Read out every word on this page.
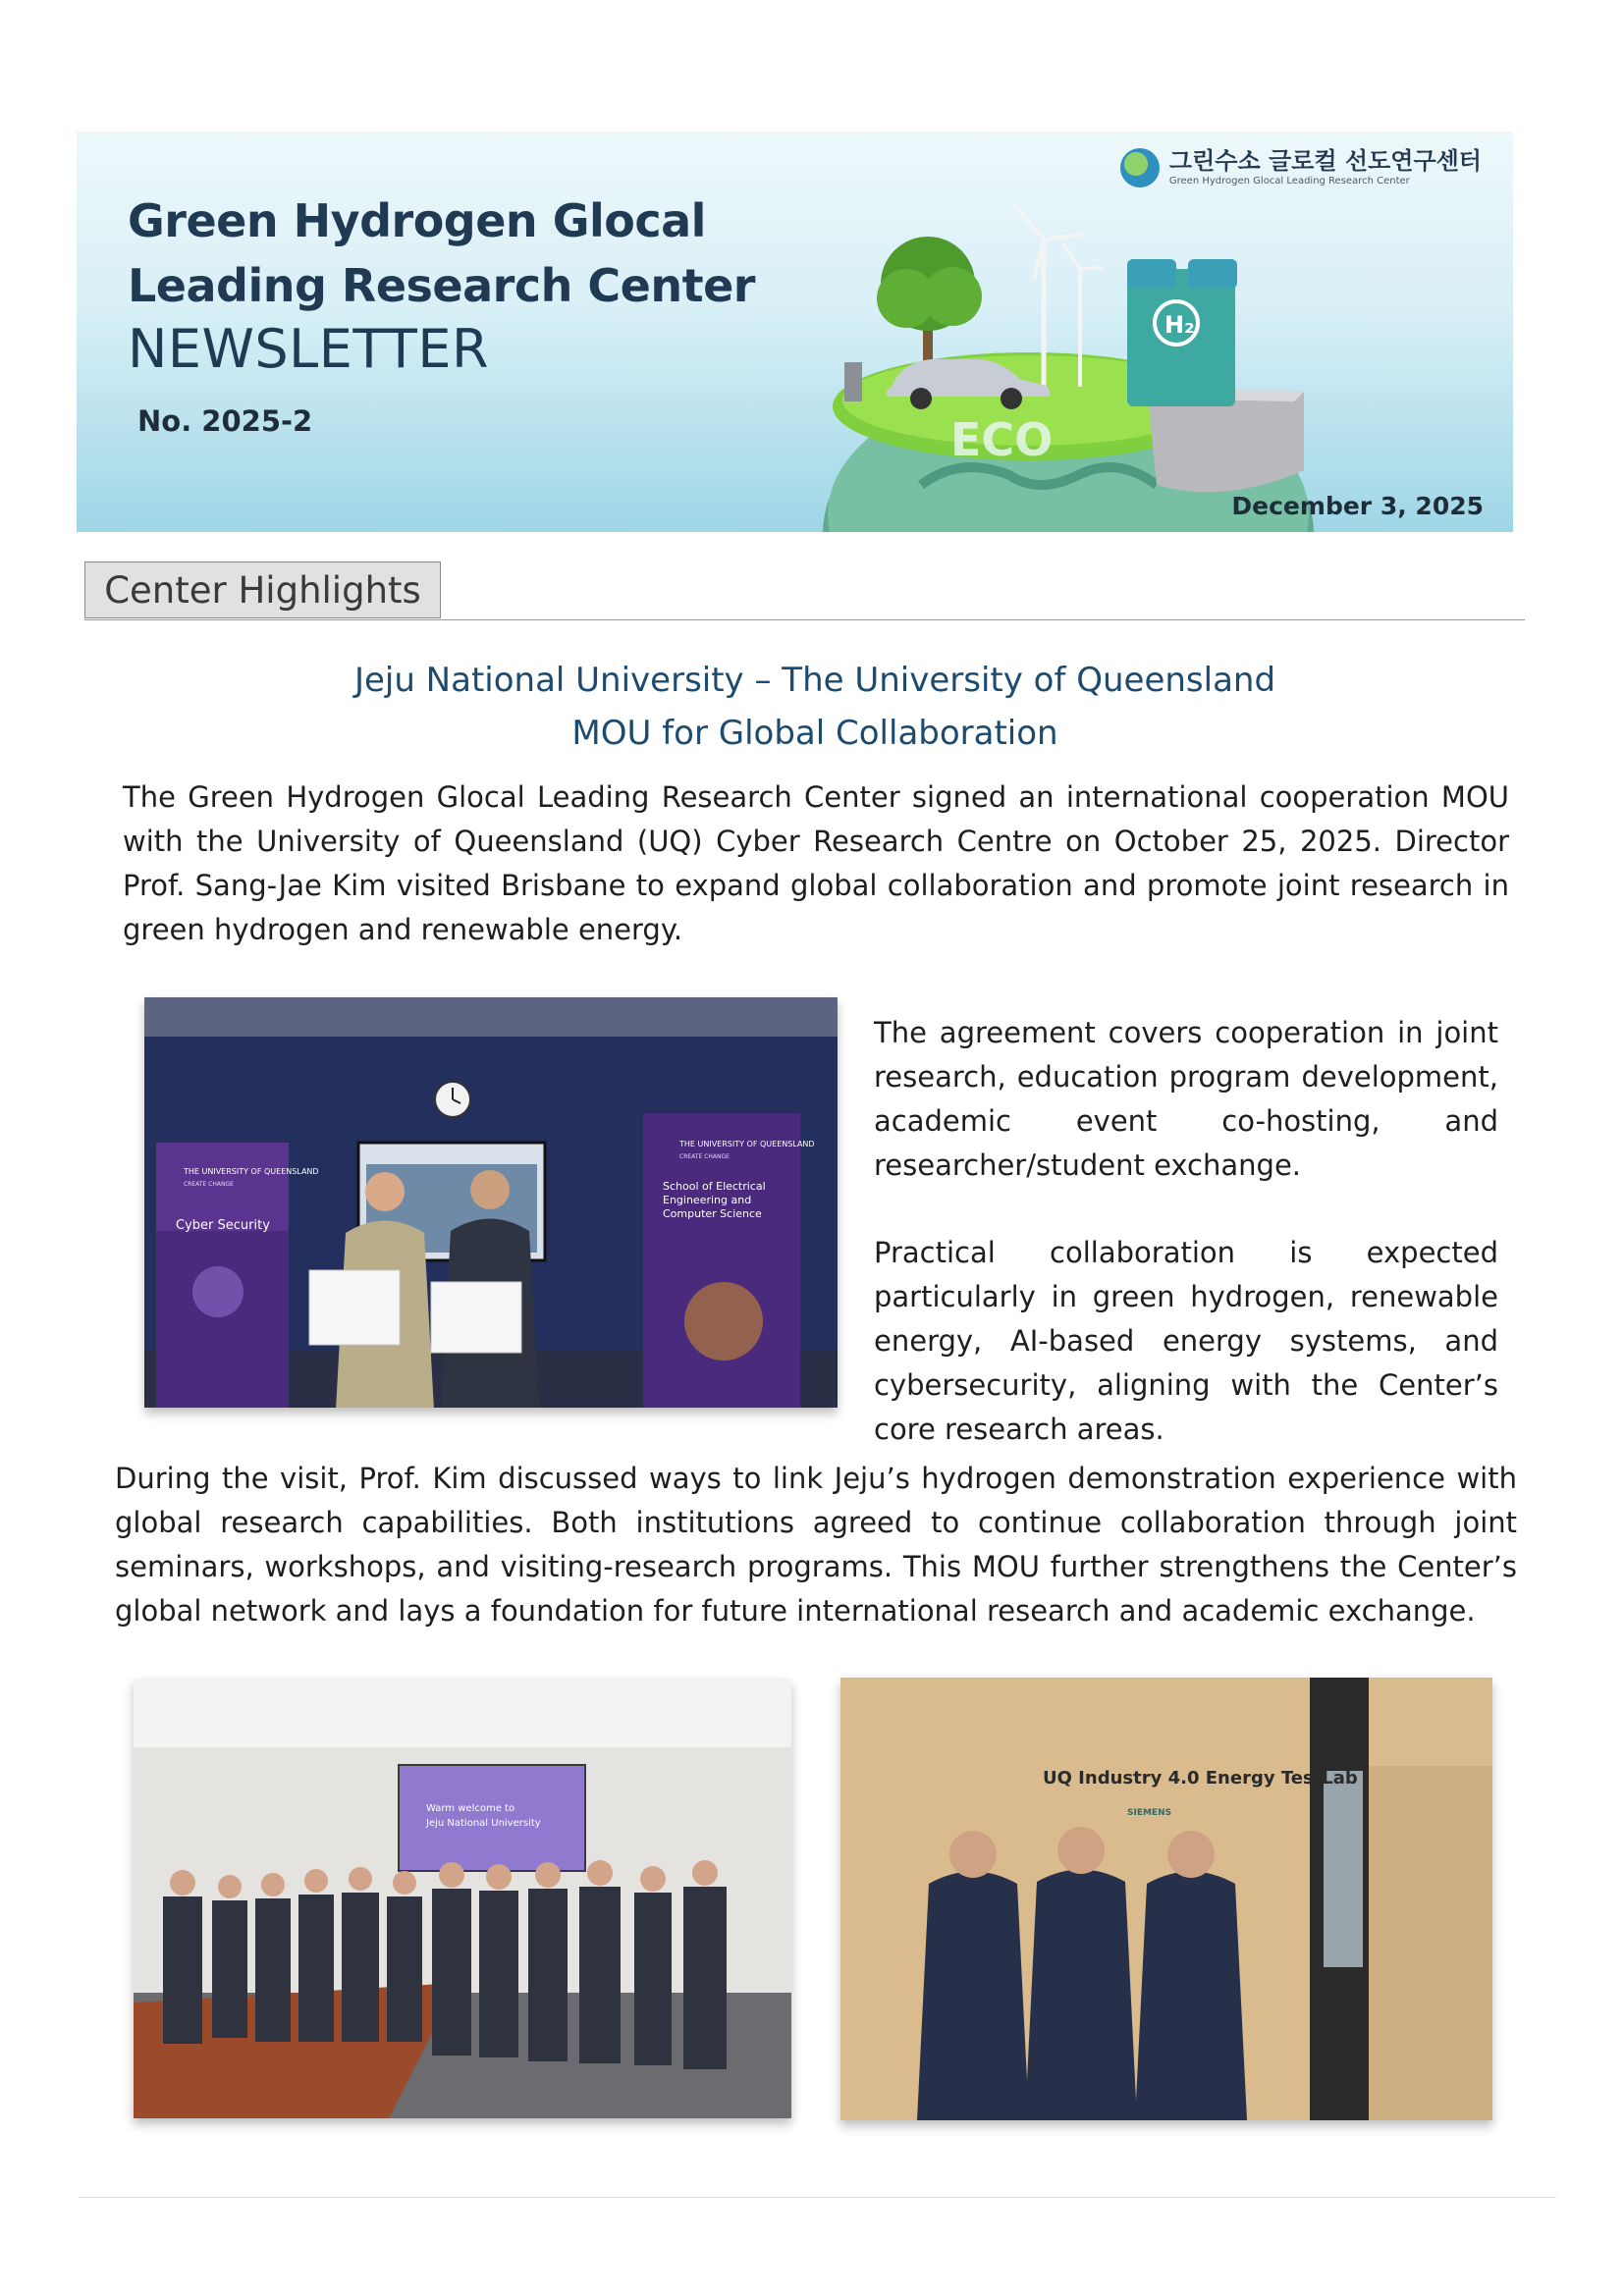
Green Hydrogen Glocal
Leading Research Center
NEWSLETTER
No. 2025-2
그린수소 글로컬 선도연구센터
Green Hydrogen Glocal Leading Research Center
H₂
ECO
December 3, 2025
Center Highlights
Jeju National University – The University of Queensland
MOU for Global Collaboration

The Green Hydrogen Glocal Leading Research Center signed an international cooperation MOU with the University of Queensland (UQ) Cyber Research Centre on October 25, 2025. Director Prof. Sang-Jae Kim visited Brisbane to expand global collaboration and promote joint research in green hydrogen and renewable energy.

THE UNIVERSITY OF QUEENSLAND
CREATE CHANGE
Cyber Security
THE UNIVERSITY OF QUEENSLAND
CREATE CHANGE
School of Electrical
Engineering and
Computer Science

The agreement covers cooperation in joint research, education program development, academic event co-hosting, and researcher/student exchange.

Practical collaboration is expected particularly in green hydrogen, renewable energy, AI-based energy systems, and cybersecurity, aligning with the Center’s core research areas.

During the visit, Prof. Kim discussed ways to link Jeju’s hydrogen demonstration experience with global research capabilities. Both institutions agreed to continue collaboration through joint seminars, workshops, and visiting-research programs. This MOU further strengthens the Center’s global network and lays a foundation for future international research and academic exchange.

Warm welcome to
Jeju National University
UQ Industry 4.0 Energy TestLab
SIEMENS
